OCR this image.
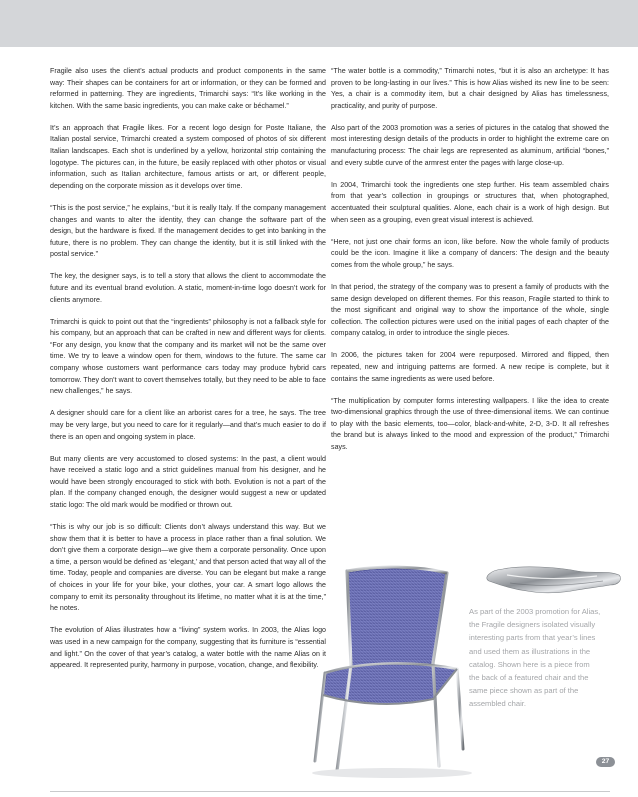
Fragile also uses the client’s actual products and product components in the same way: Their shapes can be containers for art or information, or they can be formed and reformed in patterning. They are ingredients, Trimarchi says: “It’s like working in the kitchen. With the same basic ingredients, you can make cake or béchamel.”

It’s an approach that Fragile likes. For a recent logo design for Poste Italiane, the Italian postal service, Trimarchi created a system composed of photos of six different Italian landscapes. Each shot is underlined by a yellow, horizontal strip containing the logotype. The pictures can, in the future, be easily replaced with other photos or visual information, such as Italian architecture, famous artists or art, or different people, depending on the corporate mission as it develops over time.

“This is the post service,” he explains, “but it is really Italy. If the company management changes and wants to alter the identity, they can change the software part of the design, but the hardware is fixed. If the management decides to get into banking in the future, there is no problem. They can change the identity, but it is still linked with the postal service.”

The key, the designer says, is to tell a story that allows the client to accommodate the future and its eventual brand evolution. A static, moment-in-time logo doesn’t work for clients anymore.

Trimarchi is quick to point out that the “ingredients” philosophy is not a fallback style for his company, but an approach that can be crafted in new and different ways for clients. “For any design, you know that the company and its market will not be the same over time. We try to leave a window open for them, windows to the future. The same car company whose customers want performance cars today may produce hybrid cars tomorrow. They don’t want to covert themselves totally, but they need to be able to face new challenges,” he says.

A designer should care for a client like an arborist cares for a tree, he says. The tree may be very large, but you need to care for it regularly—and that’s much easier to do if there is an open and ongoing system in place.

But many clients are very accustomed to closed systems: In the past, a client would have received a static logo and a strict guidelines manual from his designer, and he would have been strongly encouraged to stick with both. Evolution is not a part of the plan. If the company changed enough, the designer would suggest a new or updated static logo: The old mark would be modified or thrown out.

“This is why our job is so difficult: Clients don’t always understand this way. But we show them that it is better to have a process in place rather than a final solution. We don’t give them a corporate design—we give them a corporate personality. Once upon a time, a person would be defined as ‘elegant,’ and that person acted that way all of the time. Today, people and companies are diverse. You can be elegant but make a range of choices in your life for your bike, your clothes, your car. A smart logo allows the company to emit its personality throughout its lifetime, no matter what it is at the time,” he notes.

The evolution of Alias illustrates how a “living” system works. In 2003, the Alias logo was used in a new campaign for the company, suggesting that its furniture is “essential and light.” On the cover of that year’s catalog, a water bottle with the name Alias on it appeared. It represented purity, harmony in purpose, vocation, change, and flexibility.

“The water bottle is a commodity,” Trimarchi notes, “but it is also an archetype: It has proven to be long-lasting in our lives.” This is how Alias wished its new line to be seen: Yes, a chair is a commodity item, but a chair designed by Alias has timelessness, practicality, and purity of purpose.

Also part of the 2003 promotion was a series of pictures in the catalog that showed the most interesting design details of the products in order to highlight the extreme care on manufacturing process: The chair legs are represented as aluminum, artificial “bones,” and every subtle curve of the armrest enter the pages with large close-up.

In 2004, Trimarchi took the ingredients one step further. His team assembled chairs from that year’s collection in groupings or structures that, when photographed, accentuated their sculptural qualities. Alone, each chair is a work of high design. But when seen as a grouping, even great visual interest is achieved.

“Here, not just one chair forms an icon, like before. Now the whole family of products could be the icon. Imagine it like a company of dancers: The design and the beauty comes from the whole group,” he says.

In that period, the strategy of the company was to present a family of products with the same design developed on different themes. For this reason, Fragile started to think to the most significant and original way to show the importance of the whole, single collection. The collection pictures were used on the initial pages of each chapter of the company catalog, in order to introduce the single pieces.

In 2006, the pictures taken for 2004 were repurposed. Mirrored and flipped, then repeated, new and intriguing patterns are formed. A new recipe is complete, but it contains the same ingredients as were used before.

“The multiplication by computer forms interesting wallpapers. I like the idea to create two-dimensional graphics through the use of three-dimensional items. We can continue to play with the basic elements, too—color, black-and-white, 2-D, 3-D. It all refreshes the brand but is always linked to the mood and expression of the product,” Trimarchi says.

As part of the 2003 promotion for Alias, the Fragile designers isolated visually interesting parts from that year’s lines and used them as illustrations in the catalog. Shown here is a piece from the back of a featured chair and the same piece shown as part of the assembled chair.
27
